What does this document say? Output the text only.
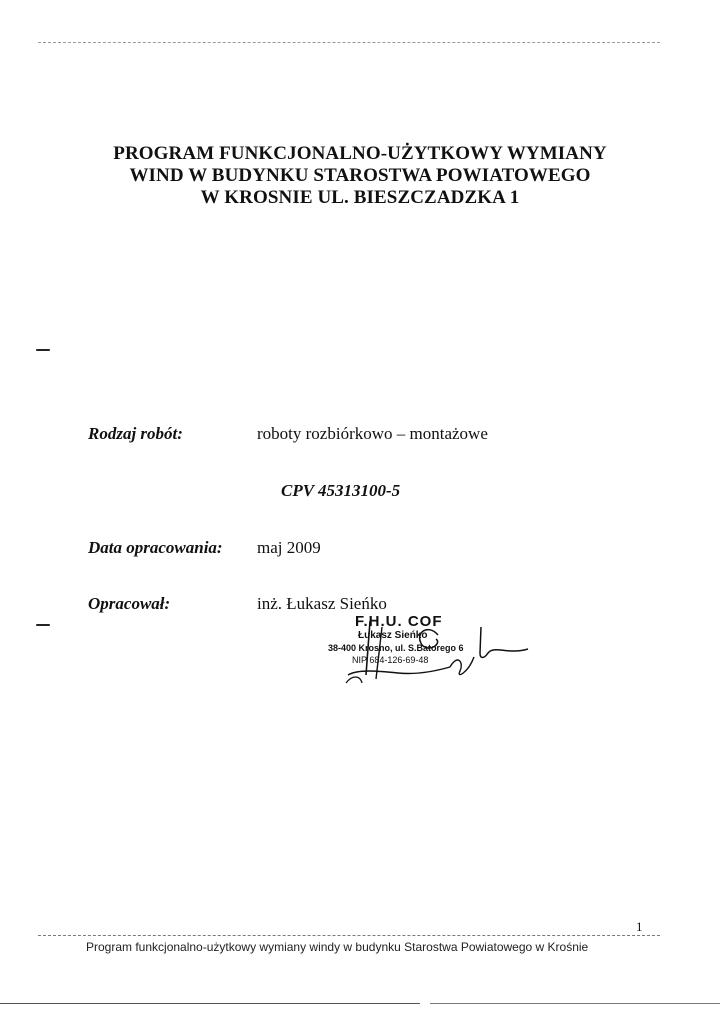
PROGRAM FUNKCJONALNO-UŻYTKOWY WYMIANY
WIND W BUDYNKU STAROSTWA POWIATOWEGO
W KROSNIE UL. BIESZCZADZKA 1
Rodzaj robót:	roboty rozbiórkowo – montażowe
CPV 45313100-5
Data opracowania: maj 2009
Opracował:	inż. Łukasz Sieńko
F.H.U. COF
Łukasz Sieńko
38-400 Krosno, ul. S.Batorego 6
NIP 684-126-69-48
1
Program funkcjonalno-użytkowy wymiany windy w budynku Starostwa Powiatowego w Krośnie
